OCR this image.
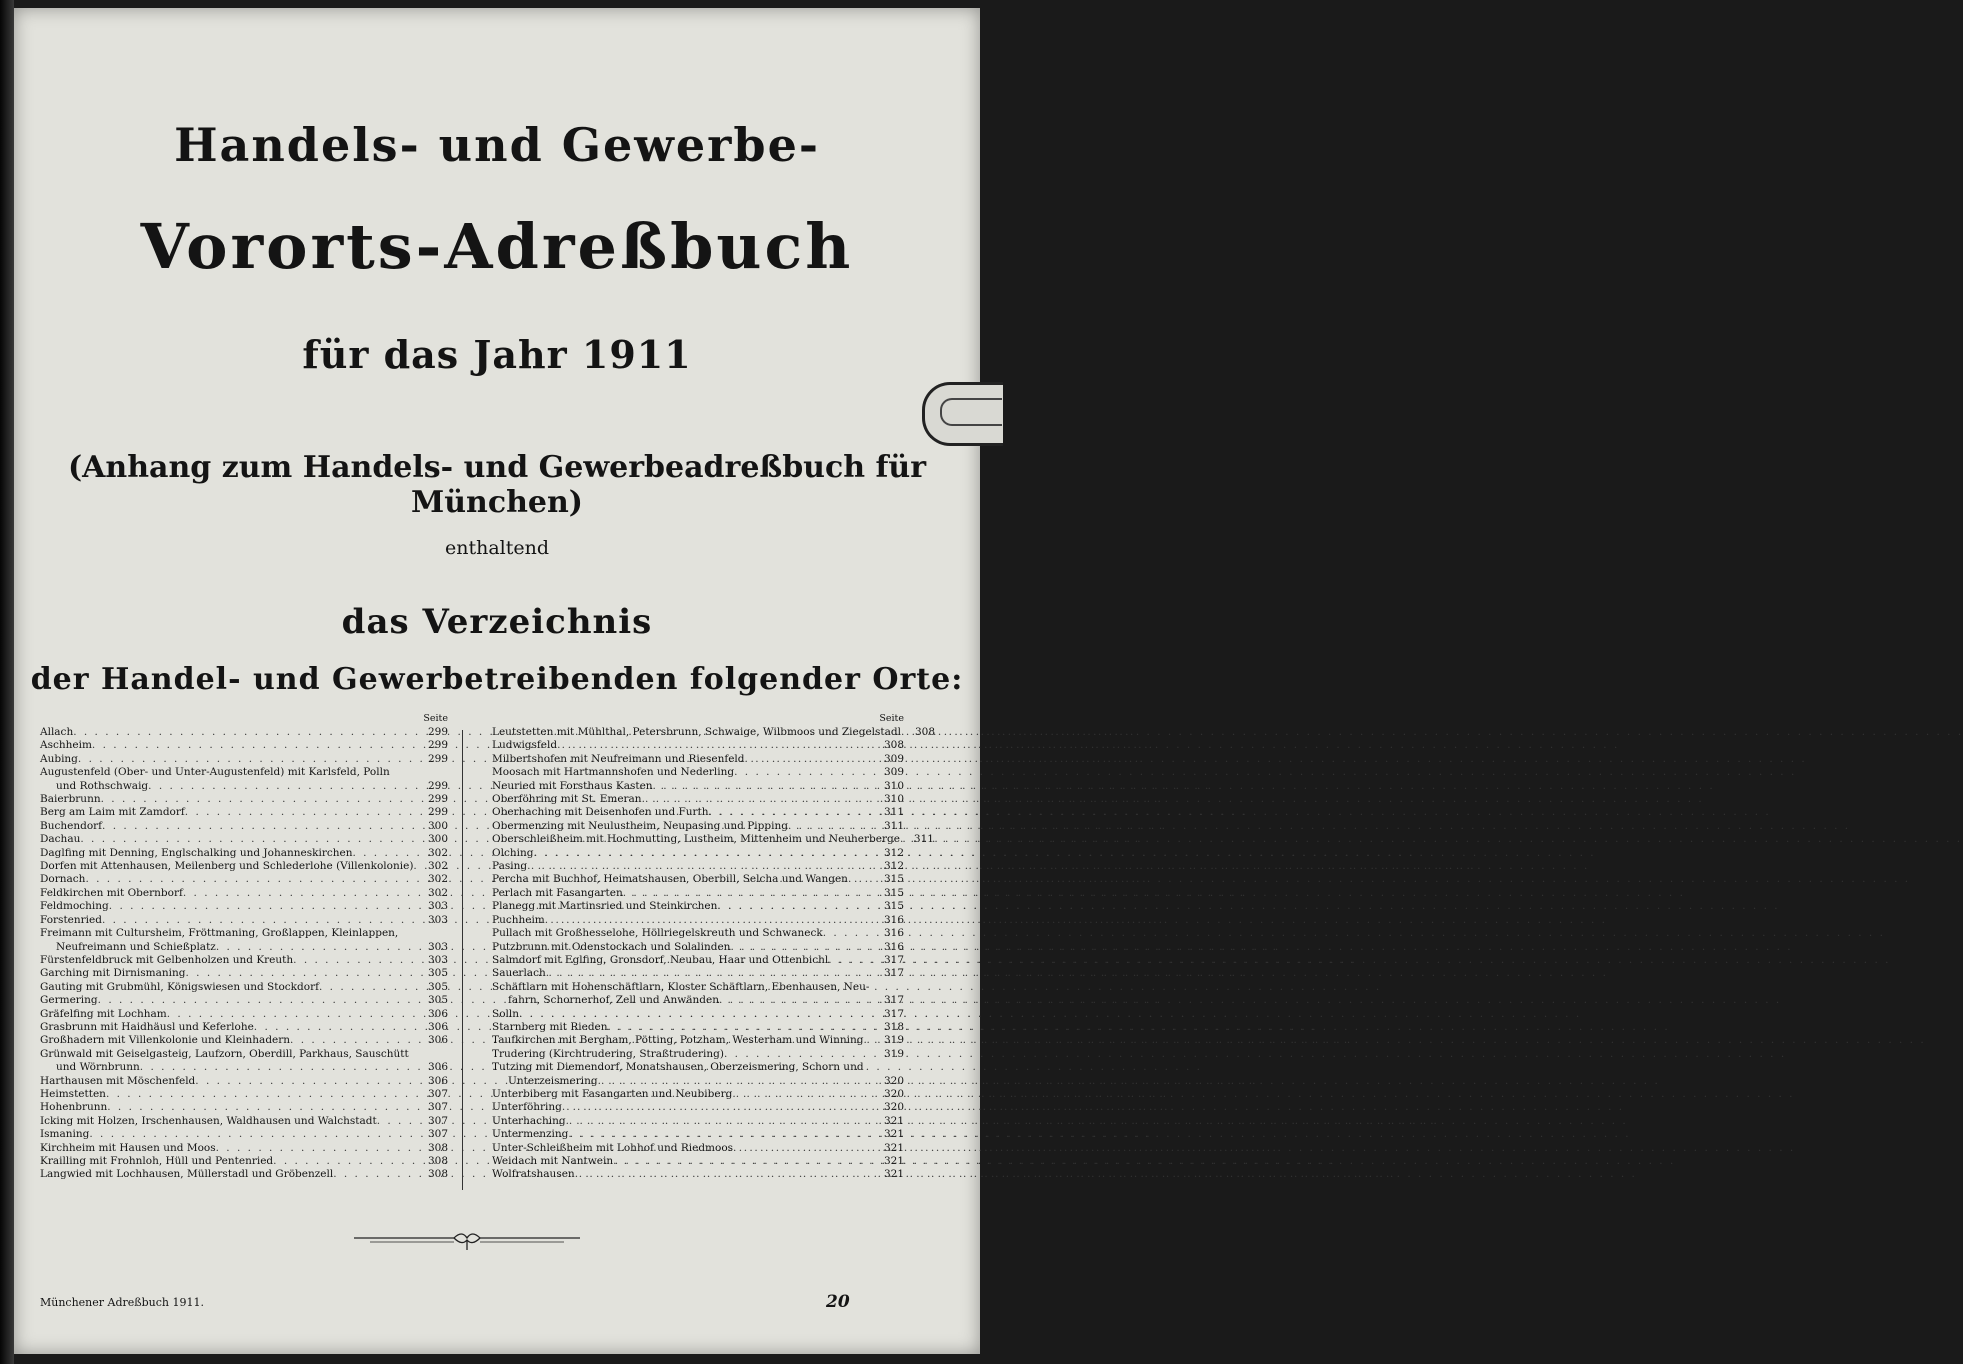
Handels- und Gewerbe-
Vororts-Adreßbuch
für das Jahr 1911
(Anhang zum Handels- und Gewerbeadreßbuch für München)
enthaltend
das Verzeichnis
der Handel- und Gewerbetreibenden folgender Orte:
Seite
Allach . . .	299
Aschheim . . .	299
Aubing . . .	299
Augustenfeld (Ober- und Unter-Augustenfeld) mit Karlsfeld, Polln
und Rothschwaig . . .	299
Baierbrunn . . .	299
Berg am Laim mit Zamdorf . . .	299
Buchendorf . . .	300
Dachau . . .	300
Daglfing mit Denning, Englschalking und Johanneskirchen . . .	302
Dorfen mit Attenhausen, Meilenberg und Schlederlohe (Villenkolonie) . . .	302
Dornach . . .	302
Feldkirchen mit Obernborf . . .	302
Feldmoching . . .	303
Forstenried . . .	303
Freimann mit Cultursheim, Fröttmaning, Großlappen, Kleinlappen,
Neufreimann und Schießplatz . . .	303
Fürstenfeldbruck mit Gelbenholzen und Kreuth . . .	303
Garching mit Dirnismaning . . .	305
Gauting mit Grubmühl, Königswiesen und Stockdorf . . .	305
Germering . . .	305
Gräfelfing mit Lochham . . .	306
Grasbrunn mit Haidhäusl und Keferlohe . . .	306
Großhadern mit Villenkolonie und Kleinhadern . . .	306
Grünwald mit Geiselgasteig, Laufzorn, Oberdill, Parkhaus, Sauschütt
und Wörnbrunn . . .	306
Harthausen mit Möschenfeld . . .	306
Heimstetten . . .	307
Hohenbrunn . . .	307
Icking mit Holzen, Irschenhausen, Waldhausen und Walchstadt . . .	307
Ismaning . . .	307
Kirchheim mit Hausen und Moos . . .	308
Krailling mit Frohnloh, Hüll und Pentenried . . .	308
Langwied mit Lochhausen, Müllerstadl und Gröbenzell . . .	308
Seite
Leutstetten mit Mühlthal, Petersbrunn, Schwaige, Wilbmoos und Ziegelstadl . . .	308
Ludwigsfeld . . .	308
Milbertshofen mit Neufreimann und Riesenfeld . . .	309
Moosach mit Hartmannshofen und Nederling . . .	309
Neuried mit Forsthaus Kasten . . .	310
Oberföhring mit St. Emeran . . .	310
Oberhaching mit Deisenhofen und Furth . . .	311
Obermenzing mit Neulustheim, Neupasing und Pipping . . .	311
Oberschleißheim mit Hochmutting, Lustheim, Mittenheim und Neuherberge . . .	311
Olching . . .	312
Pasing . . .	312
Percha mit Buchhof, Heimatshausen, Oberbill, Selcha und Wangen . . .	315
Perlach mit Fasangarten . . .	315
Planegg mit Martinsried und Steinkirchen . . .	315
Puchheim . . .	316
Pullach mit Großhesselohe, Höllriegelskreuth und Schwaneck . . .	316
Putzbrunn mit Odenstockach und Solalinden . . .	316
Salmdorf mit Eglfing, Gronsdorf, Neubau, Haar und Ottenbichl . . .	317
Sauerlach . . .	317
Schäftlarn mit Hohenschäftlarn, Kloster Schäftlarn, Ebenhausen, Neu-
fahrn, Schornerhof, Zell und Anwänden . . .	317
Solln . . .	317
Starnberg mit Rieden . . .	318
Taufkirchen mit Bergham, Pötting, Potzham, Westerham und Winning . . .	319
Trudering (Kirchtrudering, Straßtrudering) . . .	319
Tutzing mit Diemendorf, Monatshausen, Oberzeismering, Schorn und
Unterzeismering . . .	320
Unterbiberg mit Fasangarten und Neubiberg . . .	320
Unterföhring . . .	320
Unterhaching . . .	321
Untermenzing . . .	321
Unter-Schleißheim mit Lohhof und Riedmoos . . .	321
Weidach mit Nantwein . . .	321
Wolfratshausen . . .	321
Münchener Adreßbuch 1911.	20
